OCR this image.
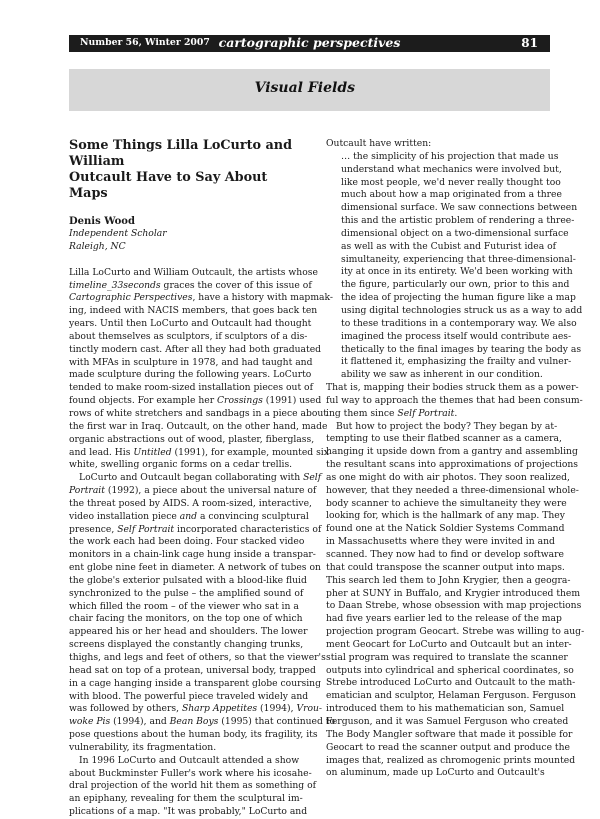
Number 56, Winter 2007 cartographic perspectives	81
Visual Fields
Some Things Lilla LoCurto and William
Outcault Have to Say About Maps
Denis Wood
Independent Scholar
Raleigh, NC
Lilla LoCurto and William Outcault, the artists whose
timeline_33seconds graces the cover of this issue of
Cartographic Perspectives, have a history with mapmak-
ing, indeed with NACIS members, that goes back ten
years. Until then LoCurto and Outcault had thought
about themselves as sculptors, if sculptors of a dis-
tinctly modern cast. After all they had both graduated
with MFAs in sculpture in 1978, and had taught and
made sculpture during the following years. LoCurto
tended to make room-sized installation pieces out of
found objects. For example her Crossings (1991) used
rows of white stretchers and sandbags in a piece about
the first war in Iraq. Outcault, on the other hand, made
organic abstractions out of wood, plaster, fiberglass,
and lead. His Untitled (1991), for example, mounted six
white, swelling organic forms on a cedar trellis.
LoCurto and Outcault began collaborating with Self
Portrait (1992), a piece about the universal nature of
the threat posed by AIDS. A room-sized, interactive,
video installation piece and a convincing sculptural
presence, Self Portrait incorporated characteristics of
the work each had been doing. Four stacked video
monitors in a chain-link cage hung inside a transpar-
ent globe nine feet in diameter. A network of tubes on
the globe's exterior pulsated with a blood-like fluid
synchronized to the pulse – the amplified sound of
which filled the room – of the viewer who sat in a
chair facing the monitors, on the top one of which
appeared his or her head and shoulders. The lower
screens displayed the constantly changing trunks,
thighs, and legs and feet of others, so that the viewer's
head sat on top of a protean, universal body, trapped
in a cage hanging inside a transparent globe coursing
with blood. The powerful piece traveled widely and
was followed by others, Sharp Appetites (1994), Vrou-
woke Pis (1994), and Bean Boys (1995) that continued to
pose questions about the human body, its fragility, its
vulnerability, its fragmentation.
In 1996 LoCurto and Outcault attended a show
about Buckminster Fuller's work where his icosahe-
dral projection of the world hit them as something of
an epiphany, revealing for them the sculptural im-
plications of a map. "It was probably," LoCurto and
Outcault have written:
… the simplicity of his projection that made us
understand what mechanics were involved but,
like most people, we'd never really thought too
much about how a map originated from a three
dimensional surface. We saw connections between
this and the artistic problem of rendering a three-
dimensional object on a two-dimensional surface
as well as with the Cubist and Futurist idea of
simultaneity, experiencing that three-dimensional-
ity at once in its entirety. We'd been working with
the figure, particularly our own, prior to this and
the idea of projecting the human figure like a map
using digital technologies struck us as a way to add
to these traditions in a contemporary way. We also
imagined the process itself would contribute aes-
thetically to the final images by tearing the body as
it flattened it, emphasizing the frailty and vulner-
ability we saw as inherent in our condition.
That is, mapping their bodies struck them as a power-
ful way to approach the themes that had been consum-
ing them since Self Portrait.
But how to project the body? They began by at-
tempting to use their flatbed scanner as a camera,
hanging it upside down from a gantry and assembling
the resultant scans into approximations of projections
as one might do with air photos. They soon realized,
however, that they needed a three-dimensional whole-
body scanner to achieve the simultaneity they were
looking for, which is the hallmark of any map. They
found one at the Natick Soldier Systems Command
in Massachusetts where they were invited in and
scanned. They now had to find or develop software
that could transpose the scanner output into maps.
This search led them to John Krygier, then a geogra-
pher at SUNY in Buffalo, and Krygier introduced them
to Daan Strebe, whose obsession with map projections
had five years earlier led to the release of the map
projection program Geocart. Strebe was willing to aug-
ment Geocart for LoCurto and Outcault but an inter-
stial program was required to translate the scanner
outputs into cylindrical and spherical coordinates, so
Strebe introduced LoCurto and Outcault to the math-
ematician and sculptor, Helaman Ferguson. Ferguson
introduced them to his mathematician son, Samuel
Ferguson, and it was Samuel Ferguson who created
The Body Mangler software that made it possible for
Geocart to read the scanner output and produce the
images that, realized as chromogenic prints mounted
on aluminum, made up LoCurto and Outcault's
